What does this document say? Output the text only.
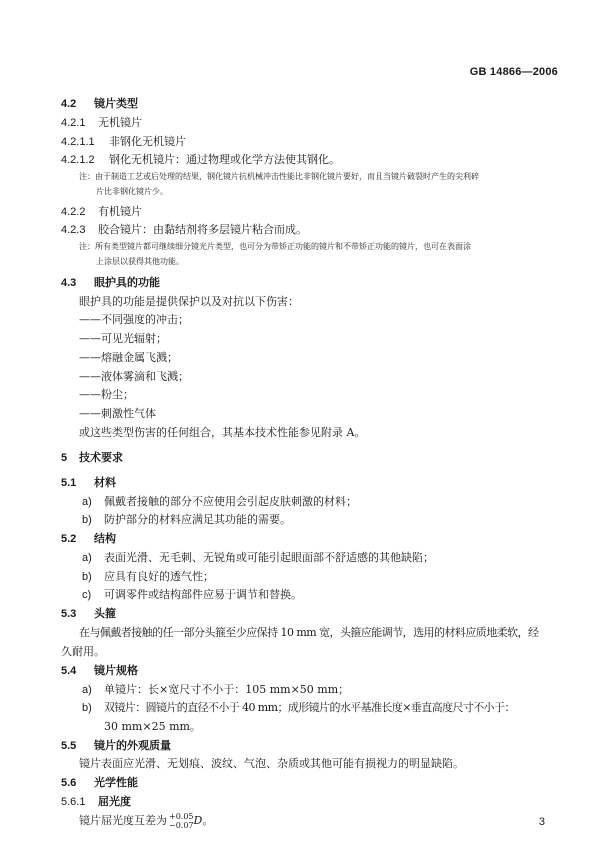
GB 14866—2006
4.2 镜片类型
4.2.1 无机镜片
4.2.1.1 非钢化无机镜片
4.2.1.2 钢化无机镜片：通过物理或化学方法使其钢化。
注：由于制造工艺或后处理的结果，钢化镜片抗机械冲击性能比非钢化镜片要好，而且当镜片破裂时产生的尖利碎
片比非钢化镜片少。
4.2.2 有机镜片
4.2.3 胶合镜片：由黏结剂将多层镜片粘合而成。
注：所有类型镜片都可继续细分镜光片类型，也可分为带矫正功能的镜片和不带矫正功能的镜片，也可在表面涂
上涂层以获得其他功能。
4.3 眼护具的功能
眼护具的功能是提供保护以及对抗以下伤害：
——不同强度的冲击；
——可见光辐射；
——熔融金属飞溅；
——液体雾滴和飞溅；
——粉尘；
——刺激性气体
或这些类型伤害的任何组合，其基本技术性能参见附录 A。
5 技术要求
5.1 材料
a) 佩戴者接触的部分不应使用会引起皮肤刺激的材料；
b) 防护部分的材料应满足其功能的需要。
5.2 结构
a) 表面光滑、无毛刺、无锐角或可能引起眼面部不舒适感的其他缺陷；
b) 应具有良好的透气性；
c) 可调零件或结构部件应易于调节和替换。
5.3 头箍
在与佩戴者接触的任一部分头箍至少应保持 10 mm 宽，头箍应能调节，选用的材料应质地柔软，经
久耐用。
5.4 镜片规格
a) 单镜片：长×宽尺寸不小于：105 mm×50 mm；
b) 双镜片：圆镜片的直径不小于 40 mm；成形镜片的水平基准长度×垂直高度尺寸不小于：
30 mm×25 mm。
5.5 镜片的外观质量
镜片表面应光滑、无划痕、波纹、气泡、杂质或其他可能有损视力的明显缺陷。
5.6 光学性能
5.6.1 屈光度
镜片屈光度互差为 +0.05
−0.07 D。	3
